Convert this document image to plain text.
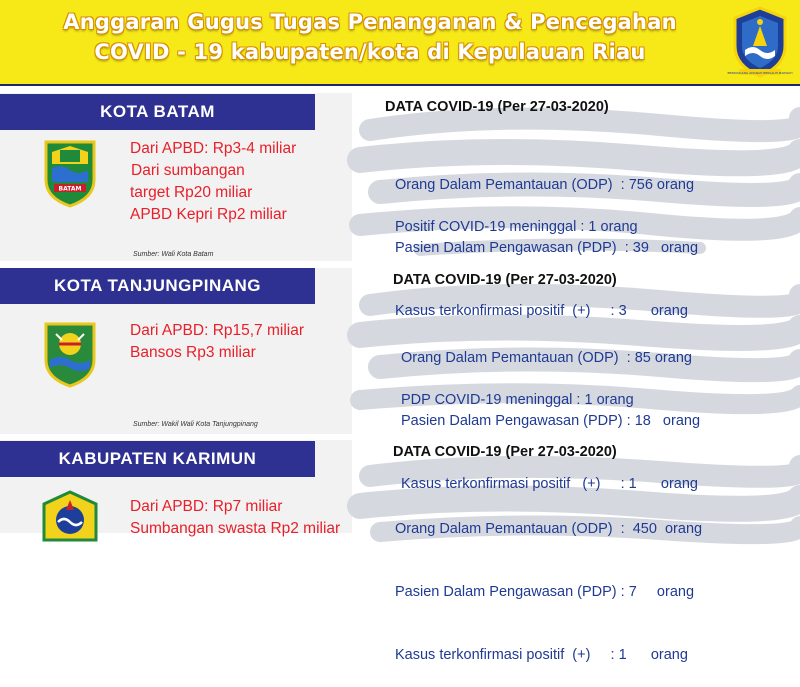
Anggaran Gugus Tugas Penanganan & Pencegahan
COVID - 19 kabupaten/kota di Kepulauan Riau
BERPANCANG AMANAH BERSAUH MARWAH
KOTA BATAM
BATAM
Dari APBD: Rp3-4 miliar
Dari sumbangan
target Rp20 miliar
APBD Kepri Rp2 miliar
Sumber: Wali Kota Batam
DATA COVID-19 (Per 27-03-2020)

Orang Dalam Pemantauan (ODP)  : 756 orang

Pasien Dalam Pengawasan (PDP)  : 39   orang

Kasus terkonfirmasi positif  (+)     : 3      orang

Positif COVID-19 meninggal : 1 orang
KOTA TANJUNGPINANG
Dari APBD: Rp15,7 miliar
Bansos Rp3 miliar
Sumber: Wakil Wali Kota Tanjungpinang
DATA COVID-19 (Per 27-03-2020)

Orang Dalam Pemantauan (ODP)  : 85 orang

Pasien Dalam Pengawasan (PDP) : 18   orang

Kasus terkonfirmasi positif   (+)     : 1      orang

PDP COVID-19 meninggal : 1 orang
KABUPATEN KARIMUN
Dari APBD: Rp7 miliar
Sumbangan swasta Rp2 miliar
DATA COVID-19 (Per 27-03-2020)

Orang Dalam Pemantauan (ODP)  :  450  orang

Pasien Dalam Pengawasan (PDP) : 7     orang

Kasus terkonfirmasi positif  (+)     : 1      orang
